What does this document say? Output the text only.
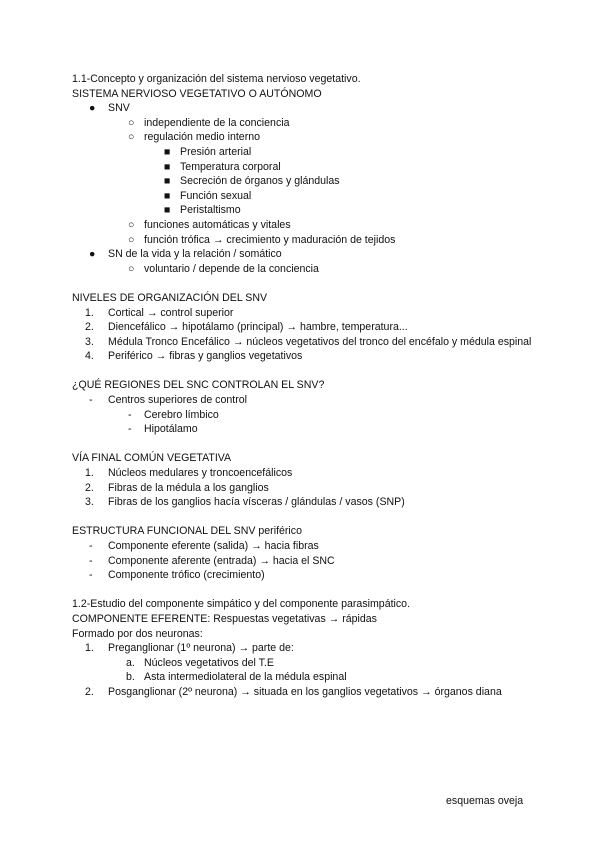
1.1-Concepto y organización del sistema nervioso vegetativo.
SISTEMA NERVIOSO VEGETATIVO O AUTÓNOMO
● SNV
○ independiente de la conciencia
○ regulación medio interno
■ Presión arterial
■ Temperatura corporal
■ Secreción de órganos y glándulas
■ Función sexual
■ Peristaltismo
○ funciones automáticas y vitales
○ función trófica → crecimiento y maduración de tejidos
● SN de la vida y la relación / somático
○ voluntario / depende de la conciencia
NIVELES DE ORGANIZACIÓN DEL SNV
1. Cortical → control superior
2. Diencefálico → hipotálamo (principal) → hambre, temperatura...
3. Médula Tronco Encefálico → núcleos vegetativos del tronco del encéfalo y médula espinal
4. Periférico → fibras y ganglios vegetativos
¿QUÉ REGIONES DEL SNC CONTROLAN EL SNV?
- Centros superiores de control
- Cerebro límbico
- Hipotálamo
VÍA FINAL COMÚN VEGETATIVA
1. Núcleos medulares y troncoencefálicos
2. Fibras de la médula a los ganglios
3. Fibras de los ganglios hacía vísceras / glándulas / vasos (SNP)
ESTRUCTURA FUNCIONAL DEL SNV periférico
- Componente eferente (salida) → hacia fibras
- Componente aferente (entrada) → hacia el SNC
- Componente trófico (crecimiento)
1.2-Estudio del componente simpático y del componente parasimpático.
COMPONENTE EFERENTE: Respuestas vegetativas → rápidas
Formado por dos neuronas:
1. Preganglionar (1º neurona) → parte de:
a. Núcleos vegetativos del T.E
b. Asta intermediolateral de la médula espinal
2. Posganglionar (2º neurona) → situada en los ganglios vegetativos → órganos diana
esquemas oveja
